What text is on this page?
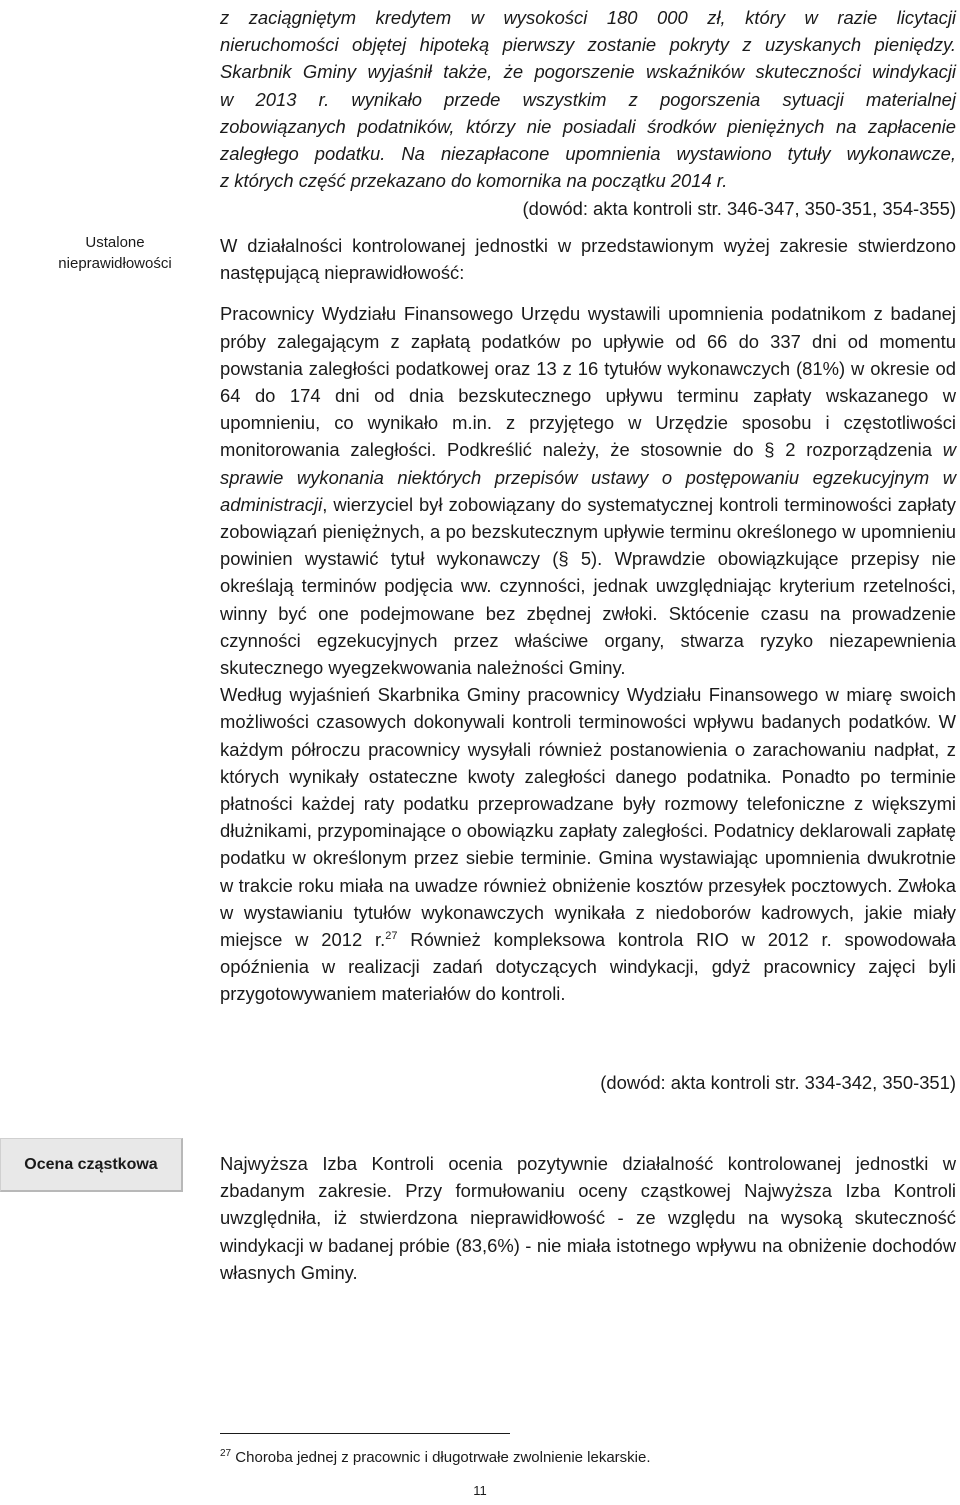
z zaciągniętym kredytem w wysokości 180 000 zł, który w razie licytacji
nieruchomości objętej hipoteką pierwszy zostanie pokryty z uzyskanych pieniędzy.
Skarbnik Gminy wyjaśnił także, że pogorszenie wskaźników skuteczności windykacji
w 2013 r. wynikało przede wszystkim z pogorszenia sytuacji materialnej
zobowiązanych podatników, którzy nie posiadali środków pieniężnych na zapłacenie
zaległego podatku. Na niezapłacone upomnienia wystawiono tytuły wykonawcze,
z których część przekazano do komornika na początku 2014 r.
(dowód: akta kontroli str. 346-347, 350-351, 354-355)
Ustalone
nieprawidłowości

W działalności kontrolowanej jednostki w przedstawionym wyżej zakresie stwierdzono następującą nieprawidłowość:

Pracownicy Wydziału Finansowego Urzędu wystawili upomnienia podatnikom z badanej próby zalegającym z zapłatą podatków po upływie od 66 do 337 dni od momentu powstania zaległości podatkowej oraz 13 z 16 tytułów wykonawczych (81%) w okresie od 64 do 174 dni od dnia bezskutecznego upływu terminu zapłaty wskazanego w upomnieniu, co wynikało m.in. z przyjętego w Urzędzie sposobu i częstotliwości monitorowania zaległości. Podkreślić należy, że stosownie do § 2 rozporządzenia w sprawie wykonania niektórych przepisów ustawy o postępowaniu egzekucyjnym w administracji, wierzyciel był zobowiązany do systematycznej kontroli terminowości zapłaty zobowiązań pieniężnych, a po bezskutecznym upływie terminu określonego w upomnieniu powinien wystawić tytuł wykonawczy (§ 5). Wprawdzie obowiązkujące przepisy nie określają terminów podjęcia ww. czynności, jednak uwzględniając kryterium rzetelności, winny być one podejmowane bez zbędnej zwłoki. Sktócenie czasu na prowadzenie czynności egzekucyjnych przez właściwe organy, stwarza ryzyko niezapewnienia skutecznego wyegzekwowania należności Gminy.

Według wyjaśnień Skarbnika Gminy pracownicy Wydziału Finansowego w miarę swoich możliwości czasowych dokonywali kontroli terminowości wpływu badanych podatków. W każdym półroczu pracownicy wysyłali również postanowienia o zarachowaniu nadpłat, z których wynikały ostateczne kwoty zaległości danego podatnika. Ponadto po terminie płatności każdej raty podatku przeprowadzane były rozmowy telefoniczne z większymi dłużnikami, przypominające o obowiązku zapłaty zaległości. Podatnicy deklarowali zapłatę podatku w określonym przez siebie terminie. Gmina wystawiając upomnienia dwukrotnie w trakcie roku miała na uwadze również obniżenie kosztów przesyłek pocztowych. Zwłoka w wystawianiu tytułów wykonawczych wynikała z niedoborów kadrowych, jakie miały miejsce w 2012 r.$^{27}$ Również kompleksowa kontrola RIO w 2012 r. spowodowała opóźnienia w realizacji zadań dotyczących windykacji, gdyż pracownicy zajęci byli przygotowywaniem materiałów do kontroli.

(dowód: akta kontroli str. 334-342, 350-351)
Ocena cząstkowa	Najwyższa Izba Kontroli ocenia pozytywnie działalność kontrolowanej jednostki w zbadanym zakresie. Przy formułowaniu oceny cząstkowej Najwyższa Izba Kontroli uwzględniła, iż stwierdzona nieprawidłowość - ze względu na wysoką skuteczność windykacji w badanej próbie (83,6%) - nie miała istotnego wpływu na obniżenie dochodów własnych Gminy.
$^{27}$ Choroba jednej z pracownic i długotrwałe zwolnienie lekarskie.
11
